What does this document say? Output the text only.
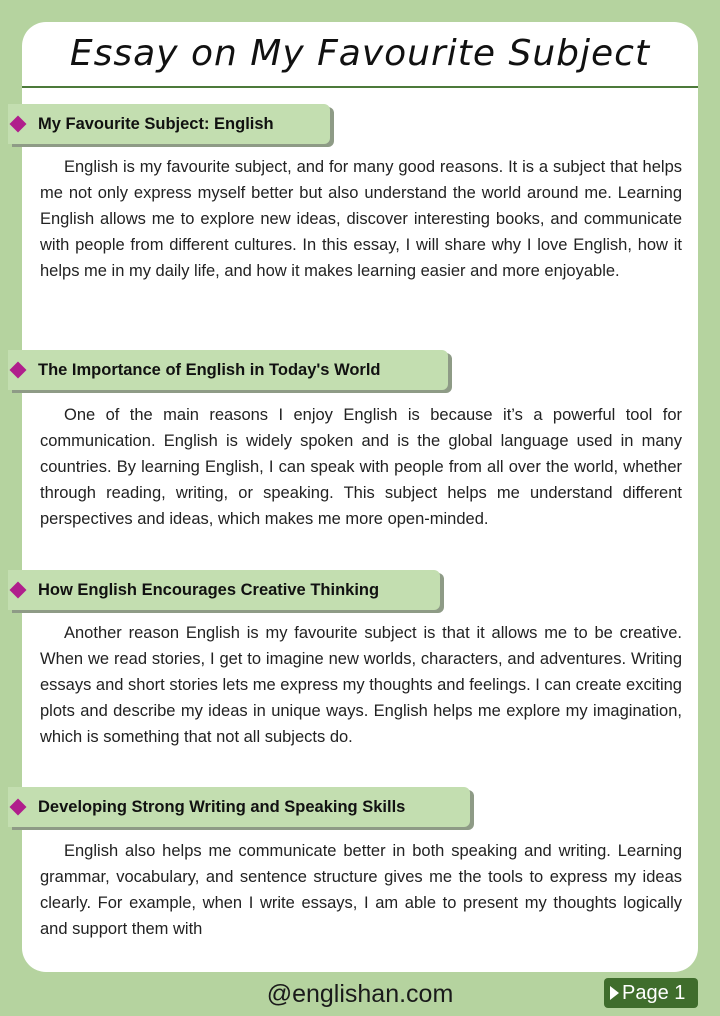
Essay on My Favourite Subject
My Favourite Subject: English
English is my favourite subject, and for many good reasons. It is a subject that helps me not only express myself better but also understand the world around me. Learning English allows me to explore new ideas, discover interesting books, and communicate with people from different cultures. In this essay, I will share why I love English, how it helps me in my daily life, and how it makes learning easier and more enjoyable.
The Importance of English in Today's World
One of the main reasons I enjoy English is because it’s a powerful tool for communication. English is widely spoken and is the global language used in many countries. By learning English, I can speak with people from all over the world, whether through reading, writing, or speaking. This subject helps me understand different perspectives and ideas, which makes me more open-minded.
How English Encourages Creative Thinking
Another reason English is my favourite subject is that it allows me to be creative. When we read stories, I get to imagine new worlds, characters, and adventures. Writing essays and short stories lets me express my thoughts and feelings. I can create exciting plots and describe my ideas in unique ways. English helps me explore my imagination, which is something that not all subjects do.
Developing Strong Writing and Speaking Skills
English also helps me communicate better in both speaking and writing. Learning grammar, vocabulary, and sentence structure gives me the tools to express my ideas clearly. For example, when I write essays, I am able to present my thoughts logically and support them with
@englishan.com	Page 1
